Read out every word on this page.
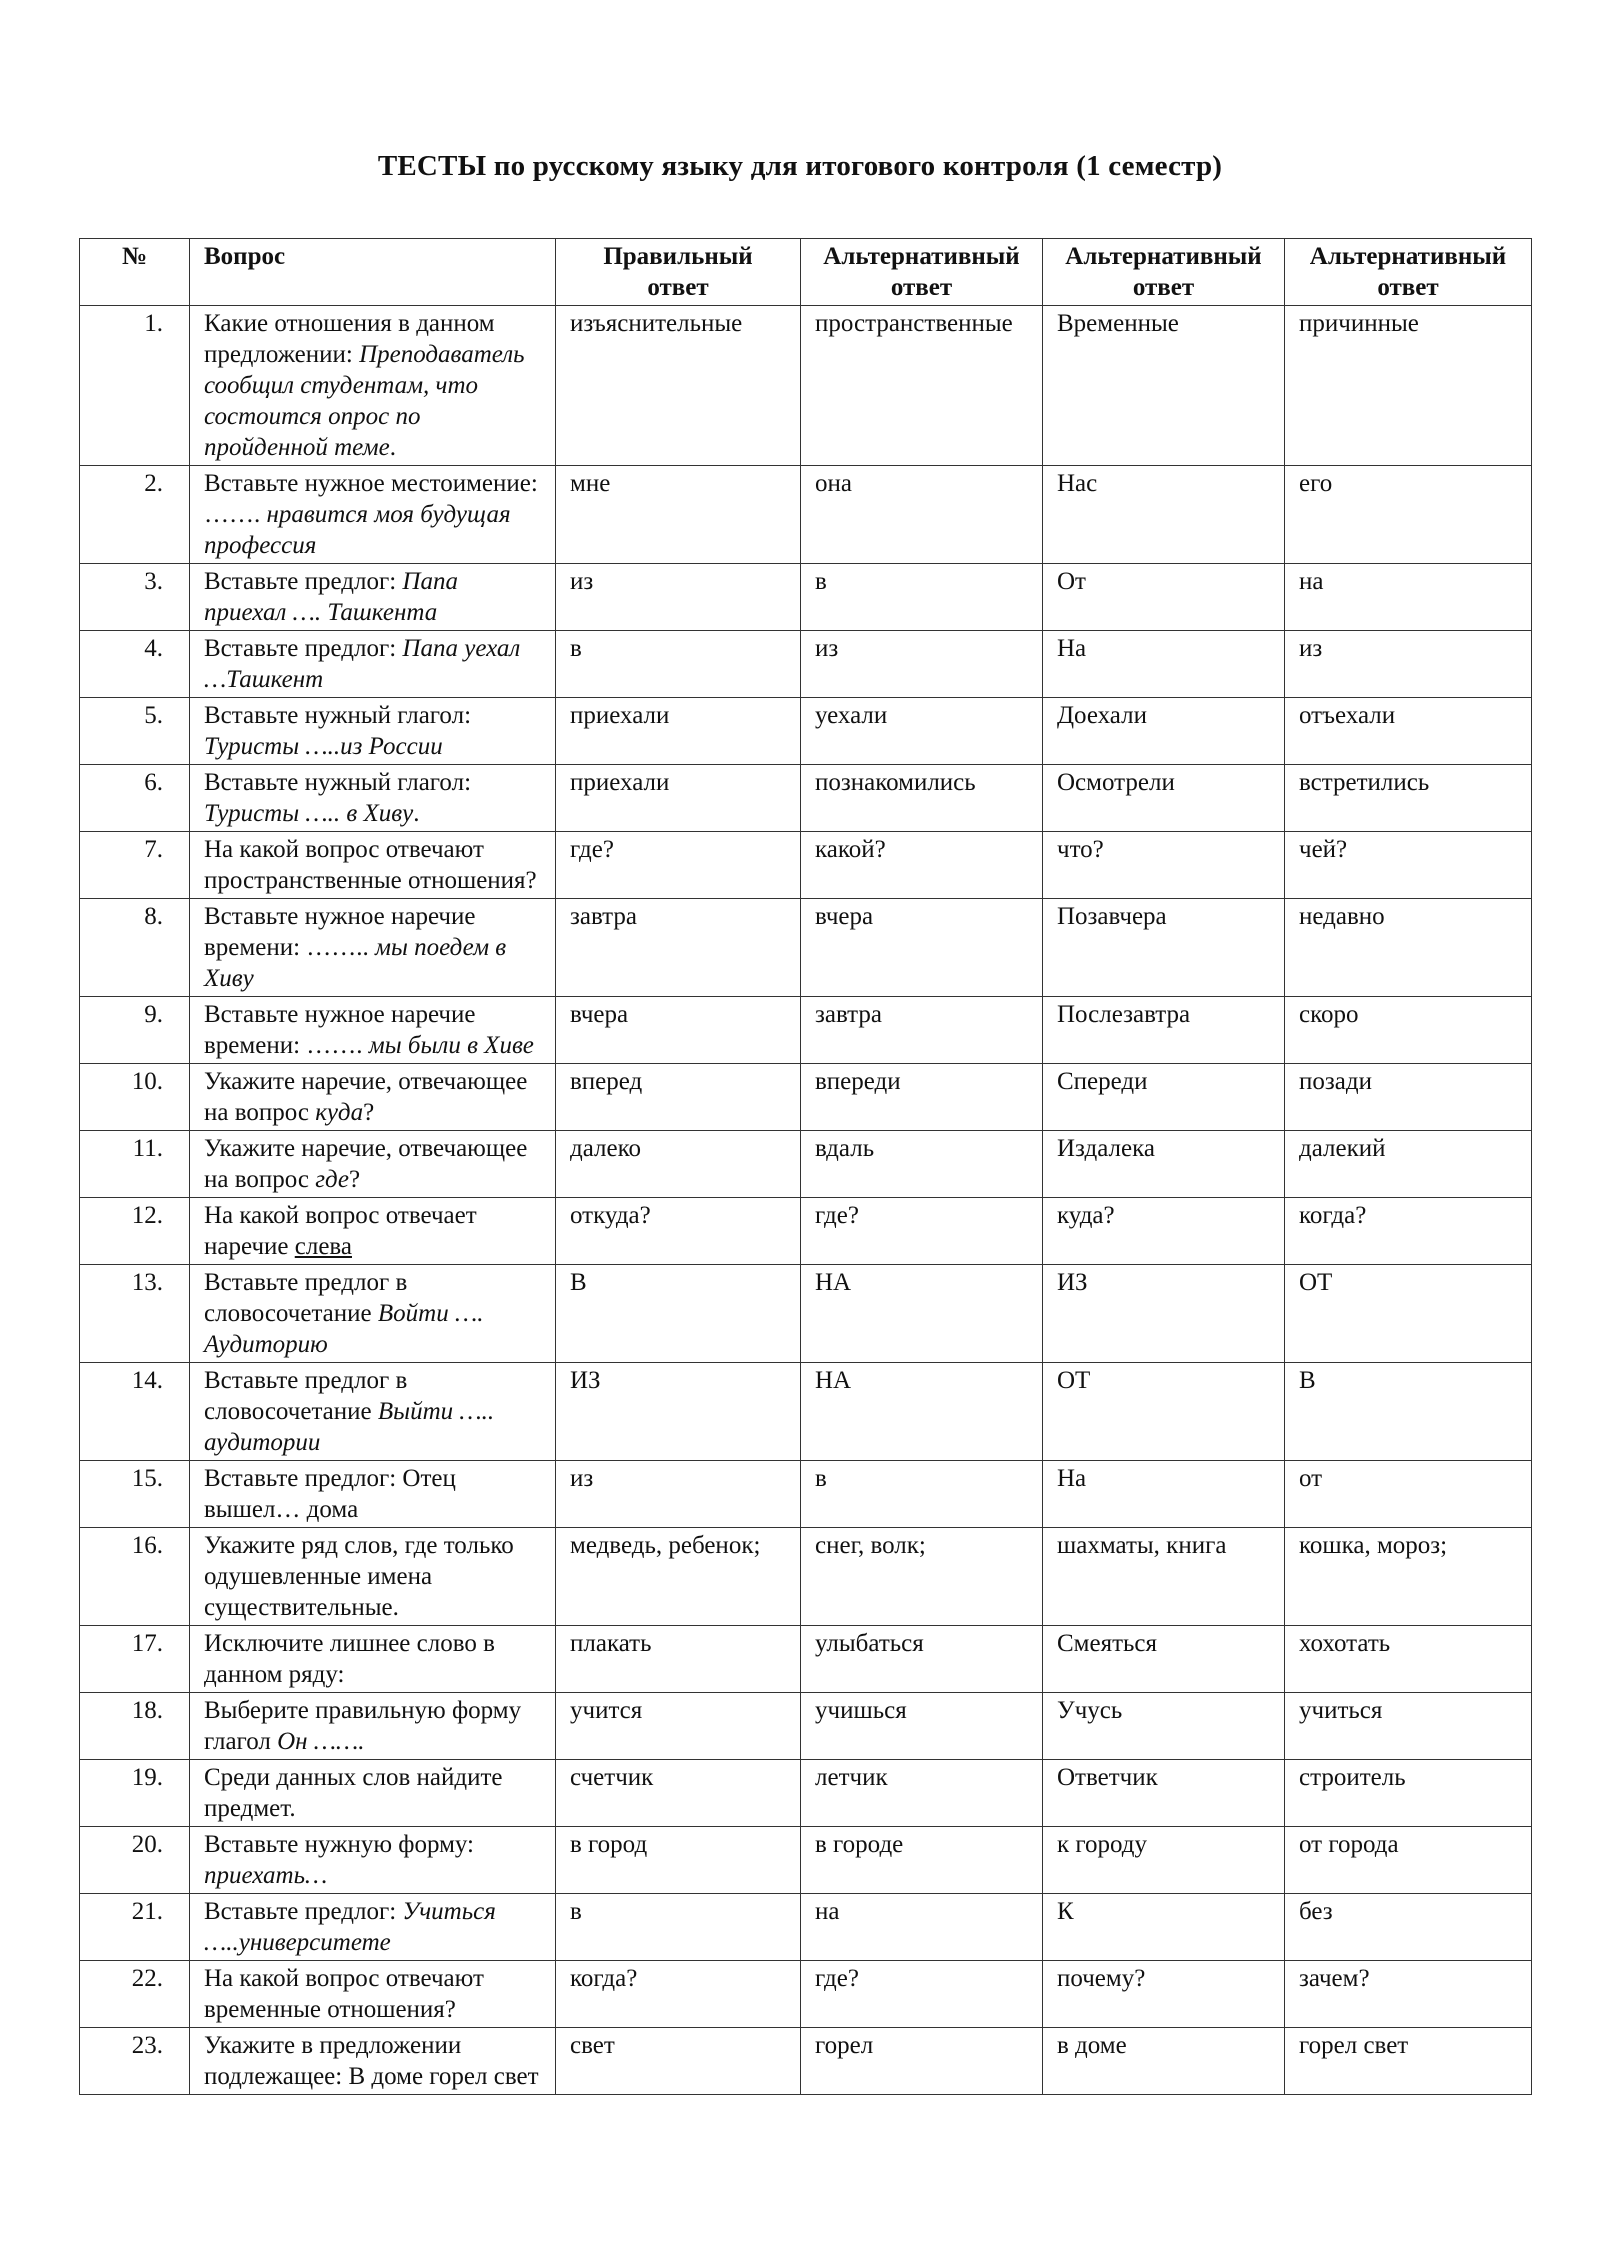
ТЕСТЫ по русскому языку для итогового контроля (1 семестр)
№	Вопрос	Правильный ответ	Альтернативный ответ	Альтернативный ответ	Альтернативный ответ
1.	Какие отношения в данном предложении: Преподаватель сообщил студентам, что состоится опрос по пройденной теме.	изъяснительные	пространственные	Временные	причинные
2.	Вставьте нужное местоимение: ……. нравится моя будущая профессия	мне	она	Нас	его
3.	Вставьте предлог: Папа приехал …. Ташкента	из	в	От	на
4.	Вставьте предлог: Папа уехал …Ташкент	в	из	На	из
5.	Вставьте нужный глагол: Туристы …..из России	приехали	уехали	Доехали	отъехали
6.	Вставьте нужный глагол: Туристы ….. в Хиву.	приехали	познакомились	Осмотрели	встретились
7.	На какой вопрос отвечают пространственные отношения?	где?	какой?	что?	чей?
8.	Вставьте нужное наречие времени: …….. мы поедем в Хиву	завтра	вчера	Позавчера	недавно
9.	Вставьте нужное наречие времени: ……. мы были в Хиве	вчера	завтра	Послезавтра	скоро
10.	Укажите наречие, отвечающее на вопрос куда?	вперед	впереди	Спереди	позади
11.	Укажите наречие, отвечающее на вопрос где?	далеко	вдаль	Издалека	далекий
12.	На какой вопрос отвечает наречие слева	откуда?	где?	куда?	когда?
13.	Вставьте предлог в словосочетание Войти …. Аудиторию	В	НА	ИЗ	ОТ
14.	Вставьте предлог в словосочетание Выйти ….. аудитории	ИЗ	НА	ОТ	В
15.	Вставьте предлог: Отец вышел… дома	из	в	На	от
16.	Укажите ряд слов, где только одушевленные имена существительные.	медведь, ребенок;	снег, волк;	шахматы, книга	кошка, мороз;
17.	Исключите лишнее слово в данном ряду:	плакать	улыбаться	Смеяться	хохотать
18.	Выберите правильную форму глагол Он …….	учится	учишься	Учусь	учиться
19.	Среди данных слов найдите предмет.	счетчик	летчик	Ответчик	строитель
20.	Вставьте нужную форму: приехать…	в город	в городе	к городу	от города
21.	Вставьте предлог: Учиться …..университете	в	на	К	без
22.	На какой вопрос отвечают временные отношения?	когда?	где?	почему?	зачем?
23.	Укажите в предложении подлежащее: В доме горел свет	свет	горел	в доме	горел свет
